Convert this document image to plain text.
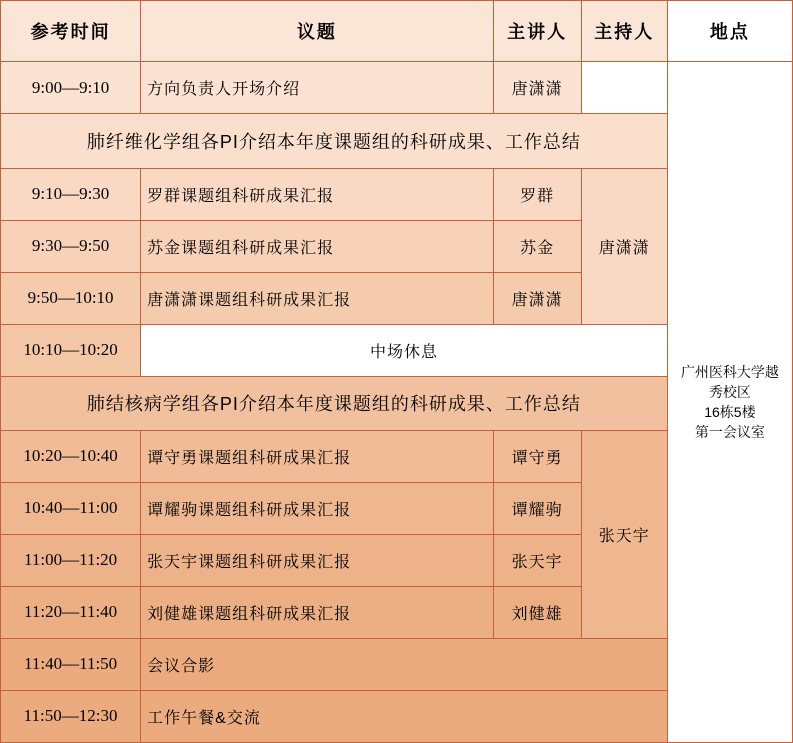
参考时间	议题	主讲人	主持人	地点
9:00—9:10	方向负责人开场介绍	唐潇潇		广州医科大学越
秀校区
16栋5楼
第一会议室

肺纤维化学组各PI介绍本年度课题组的科研成果、工作总结				
9:10—9:30	罗群课题组科研成果汇报	罗群	唐潇潇	
9:30—9:50	苏金课题组科研成果汇报	苏金		
9:50—10:10	唐潇潇课题组科研成果汇报	唐潇潇		
10:10—10:20	中场休息			
肺结核病学组各PI介绍本年度课题组的科研成果、工作总结				
10:20—10:40	谭守勇课题组科研成果汇报	谭守勇	张天宇	
10:40—11:00	谭耀驹课题组科研成果汇报	谭耀驹		
11:00—11:20	张天宇课题组科研成果汇报	张天宇		
11:20—11:40	刘健雄课题组科研成果汇报	刘健雄		
11:40—11:50	会议合影			
11:50—12:30	工作午餐&交流			
